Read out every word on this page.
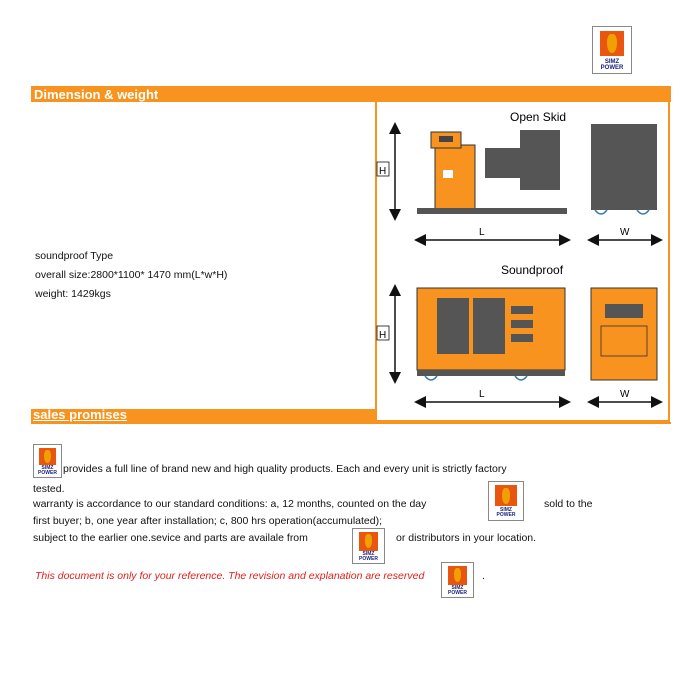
SIMZ
POWER
Dimension & weight
soundproof Type
overall size:2800*1100* 1470 mm(L*w*H)
weight: 1429kgs
Open Skid
H
L	W
Soundproof
H
L	W
sales promises
SIMZ
POWER provides a full line of brand new and high quality products. Each and every unit is strictly factory
tested.
warranty is accordance to our standard conditions: a, 12 months, counted on the day
SIMZ
POWER
sold to the
first buyer; b, one year after installation; c, 800 hrs operation(accumulated);
subject to the earlier one.sevice and parts are availale from
SIMZ
POWER
or distributors in your location.
This document is only for your reference. The revision and explanation are reserved
SIMZ
POWER
.
